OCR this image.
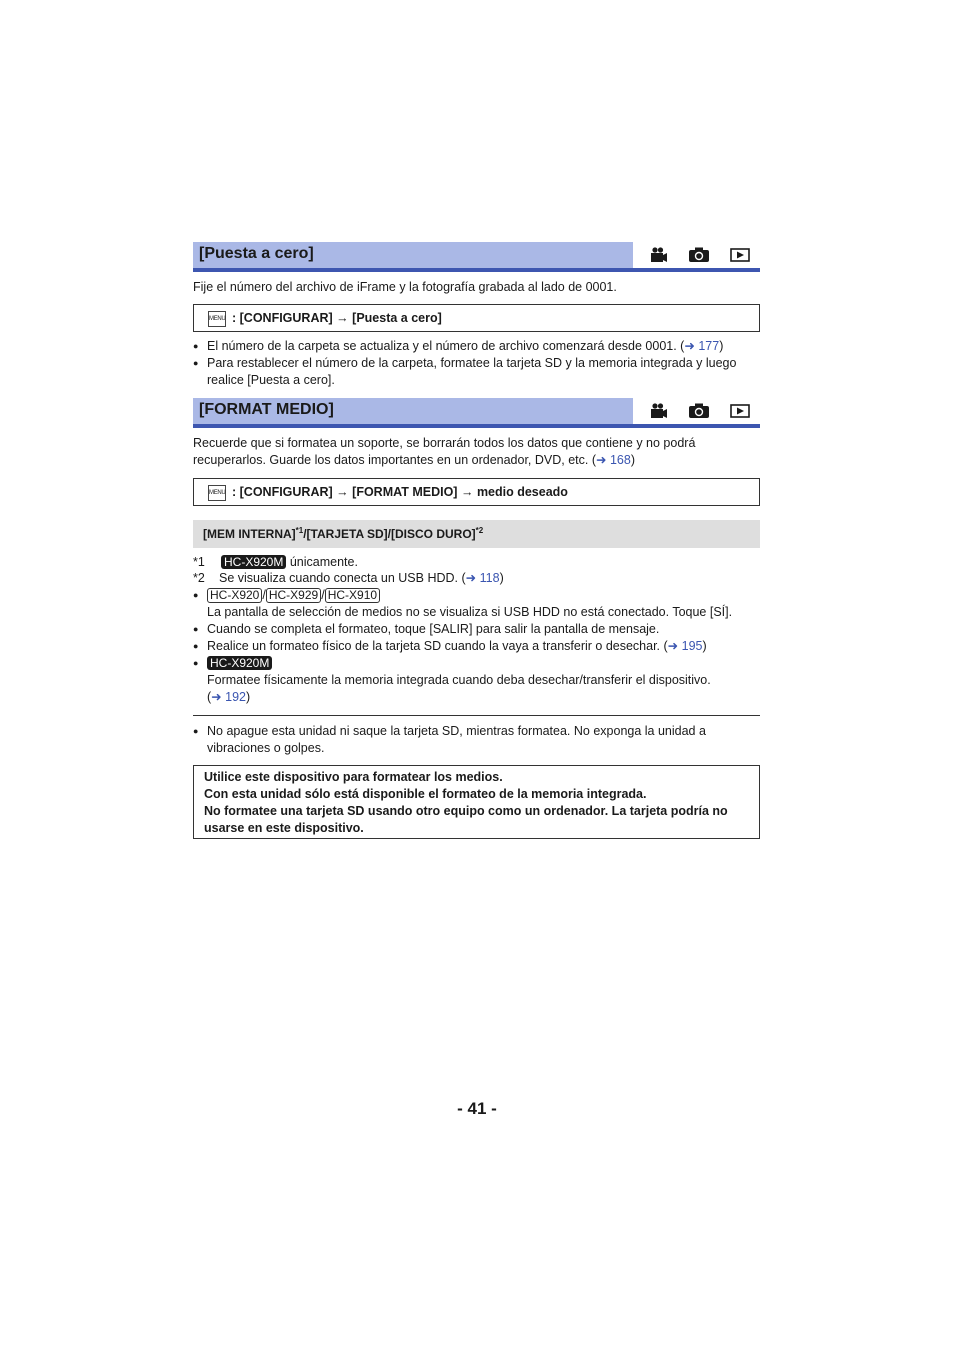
[Puesta a cero]
Fije el número del archivo de iFrame y la fotografía grabada al lado de 0001.
MENU : [CONFIGURAR] → [Puesta a cero]
● El número de la carpeta se actualiza y el número de archivo comenzará desde 0001. (➜ 177)
● Para restablecer el número de la carpeta, formatee la tarjeta SD y la memoria integrada y luego realice [Puesta a cero].
[FORMAT MEDIO]
Recuerde que si formatea un soporte, se borrarán todos los datos que contiene y no podrá recuperarlos. Guarde los datos importantes en un ordenador, DVD, etc. (➜ 168)
MENU : [CONFIGURAR] → [FORMAT MEDIO] → medio deseado
[MEM INTERNA]$^{*1}$/[TARJETA SD]/[DISCO DURO]$^{*2}$
*1 HC-X920M únicamente.
*2 Se visualiza cuando conecta un USB HDD. (➜ 118)
● HC-X920 / HC-X929 / HC-X910
La pantalla de selección de medios no se visualiza si USB HDD no está conectado. Toque [SÍ].
● Cuando se completa el formateo, toque [SALIR] para salir la pantalla de mensaje.
● Realice un formateo físico de la tarjeta SD cuando la vaya a transferir o desechar. (➜ 195)
● HC-X920M
Formatee físicamente la memoria integrada cuando deba desechar/transferir el dispositivo.
(➜ 192)
● No apague esta unidad ni saque la tarjeta SD, mientras formatea. No exponga la unidad a vibraciones o golpes.
Utilice este dispositivo para formatear los medios.
Con esta unidad sólo está disponible el formateo de la memoria integrada.
No formatee una tarjeta SD usando otro equipo como un ordenador. La tarjeta podría no usarse en este dispositivo.
- 41 -
